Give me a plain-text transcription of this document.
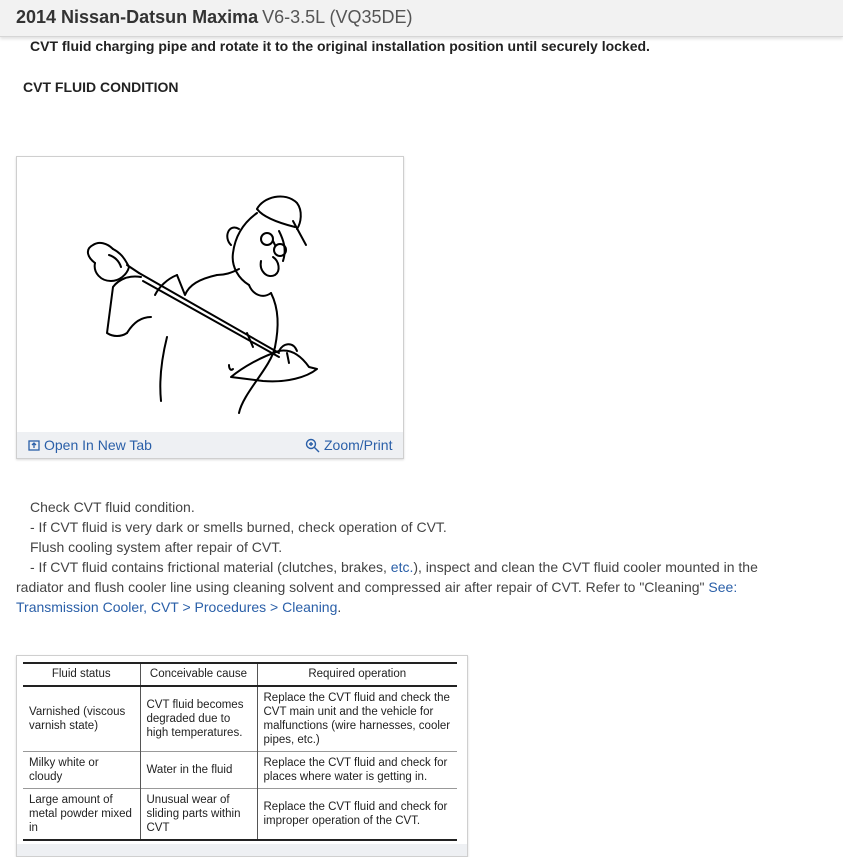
2014 Nissan-Datsun Maxima V6-3.5L (VQ35DE)
CVT fluid charging pipe and rotate it to the original installation position until securely locked.
CVT FLUID CONDITION
Open In New Tab	Zoom/Print

Check CVT fluid condition.

- If CVT fluid is very dark or smells burned, check operation of CVT.

Flush cooling system after repair of CVT.

- If CVT fluid contains frictional material (clutches, brakes, etc.), inspect and clean the CVT fluid cooler mounted in the radiator and flush cooler line using cleaning solvent and compressed air after repair of CVT. Refer to "Cleaning" See: Transmission Cooler, CVT > Procedures > Cleaning.

Fluid status	Conceivable cause	Required operation
Varnished (viscous varnish state)	CVT fluid becomes degraded due to high temperatures.	Replace the CVT fluid and check the CVT main unit and the vehicle for malfunctions (wire harnesses, cooler pipes, etc.)
Milky white or cloudy	Water in the fluid	Replace the CVT fluid and check for places where water is getting in.
Large amount of metal powder mixed in	Unusual wear of sliding parts within CVT	Replace the CVT fluid and check for improper operation of the CVT.
